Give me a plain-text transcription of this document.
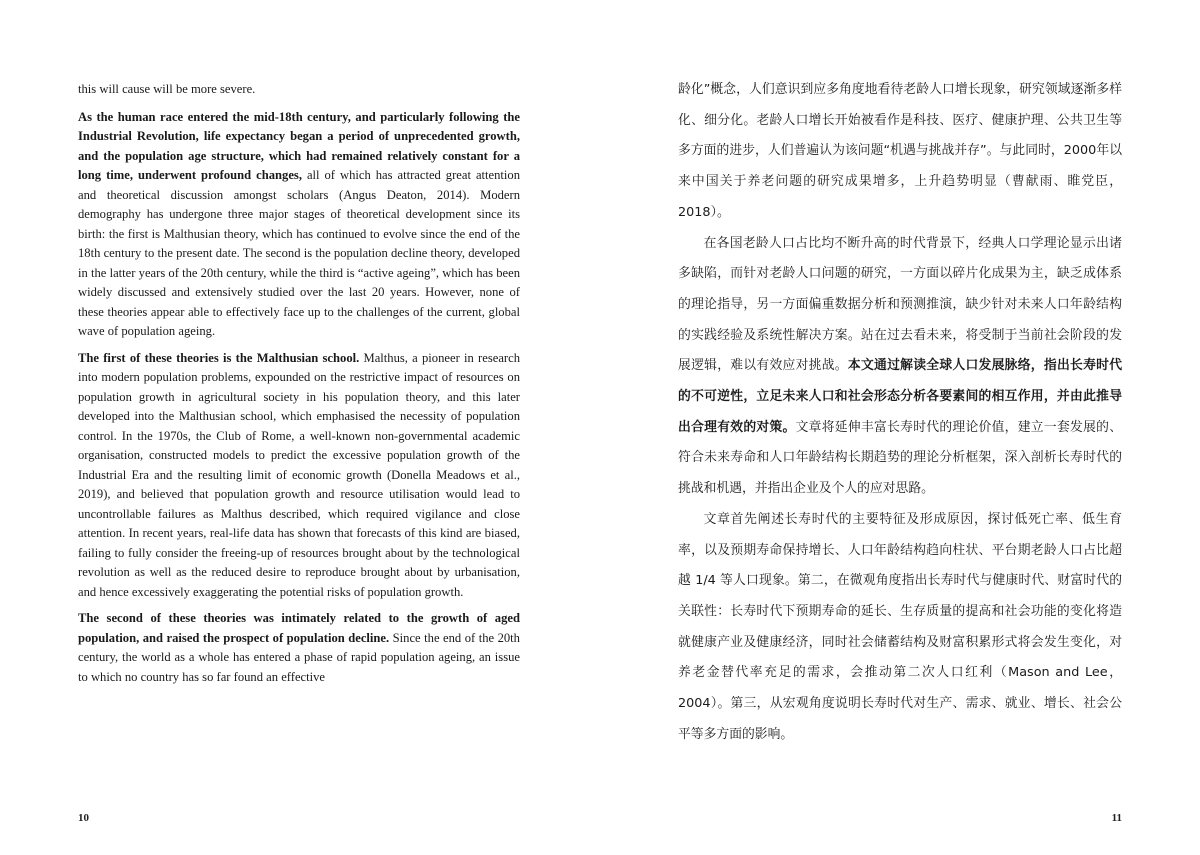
this will cause will be more severe.

As the human race entered the mid-18th century, and particularly following the Industrial Revolution, life expectancy began a period of unprecedented growth, and the population age structure, which had remained relatively constant for a long time, underwent profound changes, all of which has attracted great attention and theoretical discussion amongst scholars (Angus Deaton, 2014). Modern demography has undergone three major stages of theoretical development since its birth: the first is Malthusian theory, which has continued to evolve since the end of the 18th century to the present date. The second is the population decline theory, developed in the latter years of the 20th century, while the third is “active ageing”, which has been widely discussed and extensively studied over the last 20 years. However, none of these theories appear able to effectively face up to the challenges of the current, global wave of population ageing.

The first of these theories is the Malthusian school. Malthus, a pioneer in research into modern population problems, expounded on the restrictive impact of resources on population growth in agricultural society in his population theory, and this later developed into the Malthusian school, which emphasised the necessity of population control. In the 1970s, the Club of Rome, a well-known non-governmental academic organisation, constructed models to predict the excessive population growth of the Industrial Era and the resulting limit of economic growth (Donella Meadows et al., 2019), and believed that population growth and resource utilisation would lead to uncontrollable failures as Malthus described, which required vigilance and close attention. In recent years, real-life data has shown that forecasts of this kind are biased, failing to fully consider the freeing-up of resources brought about by the technological revolution as well as the reduced desire to reproduce brought about by urbanisation, and hence excessively exaggerating the potential risks of population growth.

The second of these theories was intimately related to the growth of aged population, and raised the prospect of population decline. Since the end of the 20th century, the world as a whole has entered a phase of rapid population ageing, an issue to which no country has so far found an effective

10

龄化”概念，人们意识到应多角度地看待老龄人口增长现象，研究领域逐渐多样化、细分化。老龄人口增长开始被看作是科技、医疗、健康护理、公共卫生等多方面的进步，人们普遍认为该问题“机遇与挑战并存”。与此同时，2000年以来中国关于养老问题的研究成果增多，上升趋势明显（曹献雨、睢党臣，2018）。

在各国老龄人口占比均不断升高的时代背景下，经典人口学理论显示出诸多缺陷，而针对老龄人口问题的研究，一方面以碎片化成果为主，缺乏成体系的理论指导，另一方面偏重数据分析和预测推演，缺少针对未来人口年龄结构的实践经验及系统性解决方案。站在过去看未来，将受制于当前社会阶段的发展逻辑，难以有效应对挑战。本文通过解读全球人口发展脉络，指出长寿时代的不可逆性，立足未来人口和社会形态分析各要素间的相互作用，并由此推导出合理有效的对策。文章将延伸丰富长寿时代的理论价值，建立一套发展的、符合未来寿命和人口年龄结构长期趋势的理论分析框架，深入剖析长寿时代的挑战和机遇，并指出企业及个人的应对思路。

文章首先阐述长寿时代的主要特征及形成原因，探讨低死亡率、低生育率，以及预期寿命保持增长、人口年龄结构趋向柱状、平台期老龄人口占比超越 1/4 等人口现象。第二，在微观角度指出长寿时代与健康时代、财富时代的关联性：长寿时代下预期寿命的延长、生存质量的提高和社会功能的变化将造就健康产业及健康经济，同时社会储蓄结构及财富积累形式将会发生变化，对养老金替代率充足的需求，会推动第二次人口红利（Mason and Lee，2004）。第三，从宏观角度说明长寿时代对生产、需求、就业、增长、社会公平等多方面的影响。

11
